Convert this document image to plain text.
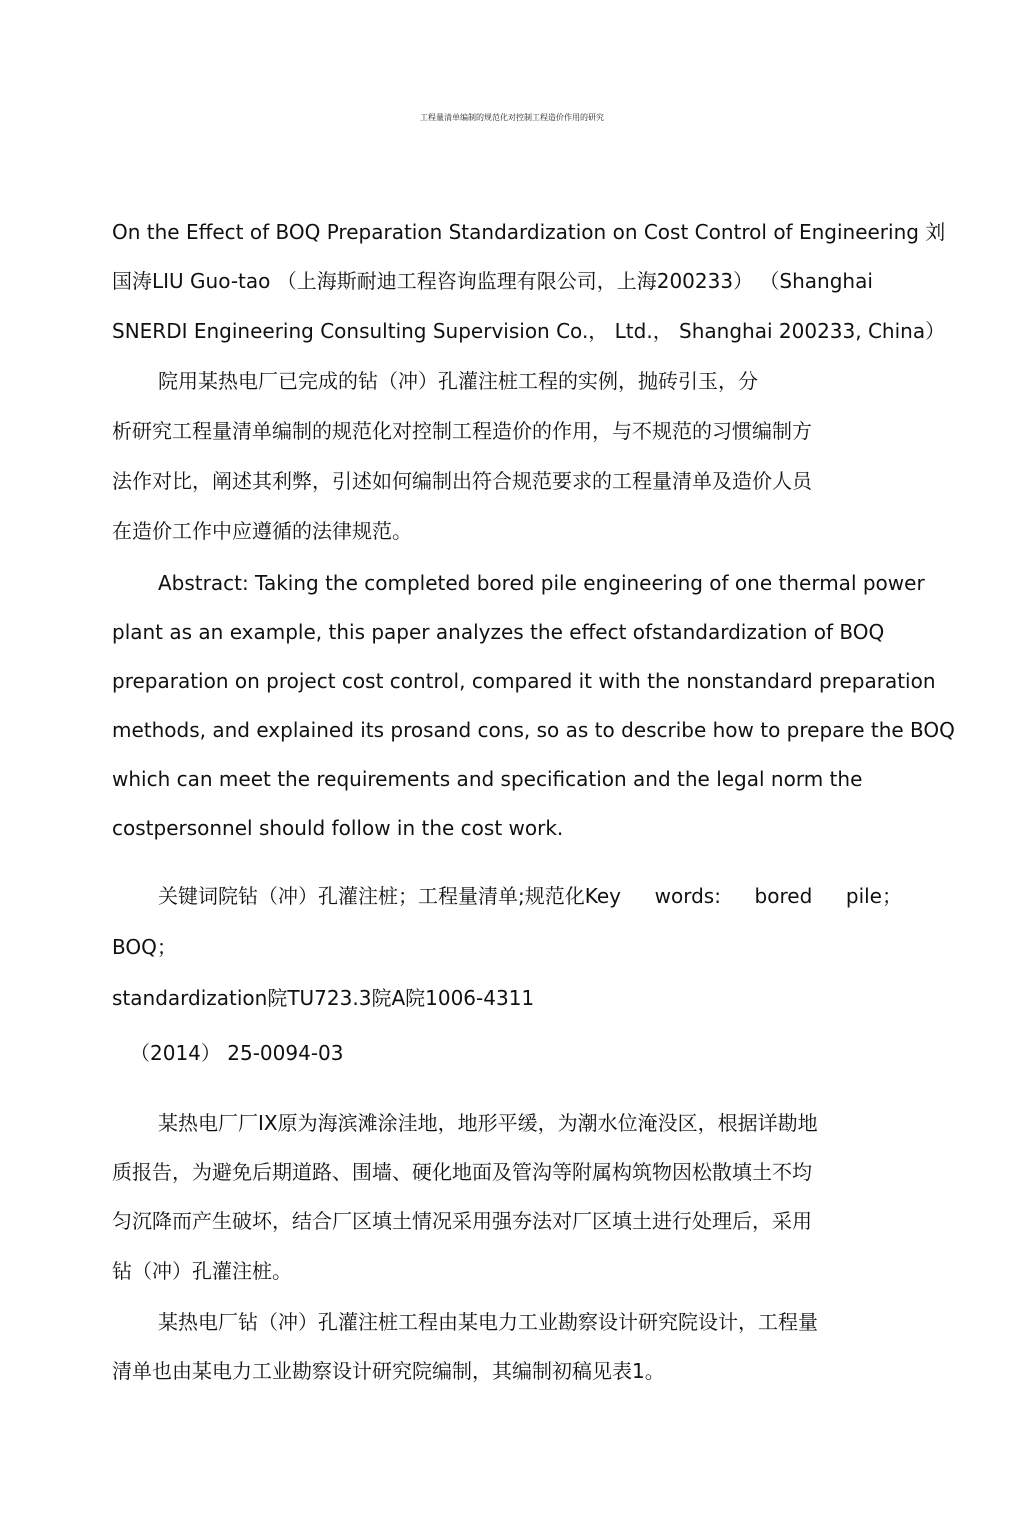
工程量清单编制的规范化对控制工程造价作用的研究
On the Effect of BOQ Preparation Standardization on Cost Control of Engineering 刘
国涛LIU Guo-tao （上海斯耐迪工程咨询监理有限公司，上海200233） （Shanghai
SNERDI Engineering Consulting Supervision Co.， Ltd.， Shanghai 200233, China）
院用某热电厂已完成的钻（冲）孔灌注桩工程的实例，抛砖引玉，分
析研究工程量清单编制的规范化对控制工程造价的作用，与不规范的习惯编制方
法作对比，阐述其利弊，引述如何编制出符合规范要求的工程量清单及造价人员
在造价工作中应遵循的法律规范。
Abstract: Taking the completed bored pile engineering of one thermal power
plant as an example, this paper analyzes the effect ofstandardization of BOQ
preparation on project cost control, compared it with the nonstandard preparation
methods, and explained its prosand cons, so as to describe how to prepare the BOQ
which can meet the requirements and specification and the legal norm the
costpersonnel should follow in the cost work.
关键词院钻（冲）孔灌注桩；工程量清单;规范化Key words: bored pile；
BOQ；
standardization院TU723.3院A院1006-4311
（2014） 25-0094-03
某热电厂厂IX原为海滨滩涂洼地，地形平缓，为潮水位淹没区，根据详勘地
质报告，为避免后期道路、围墙、硬化地面及管沟等附属构筑物因松散填土不均
匀沉降而产生破坏，结合厂区填土情况采用强夯法对厂区填土进行处理后，采用
钻（冲）孔灌注桩。
某热电厂钻（冲）孔灌注桩工程由某电力工业勘察设计研究院设计，工程量
清单也由某电力工业勘察设计研究院编制，其编制初稿见表1。
